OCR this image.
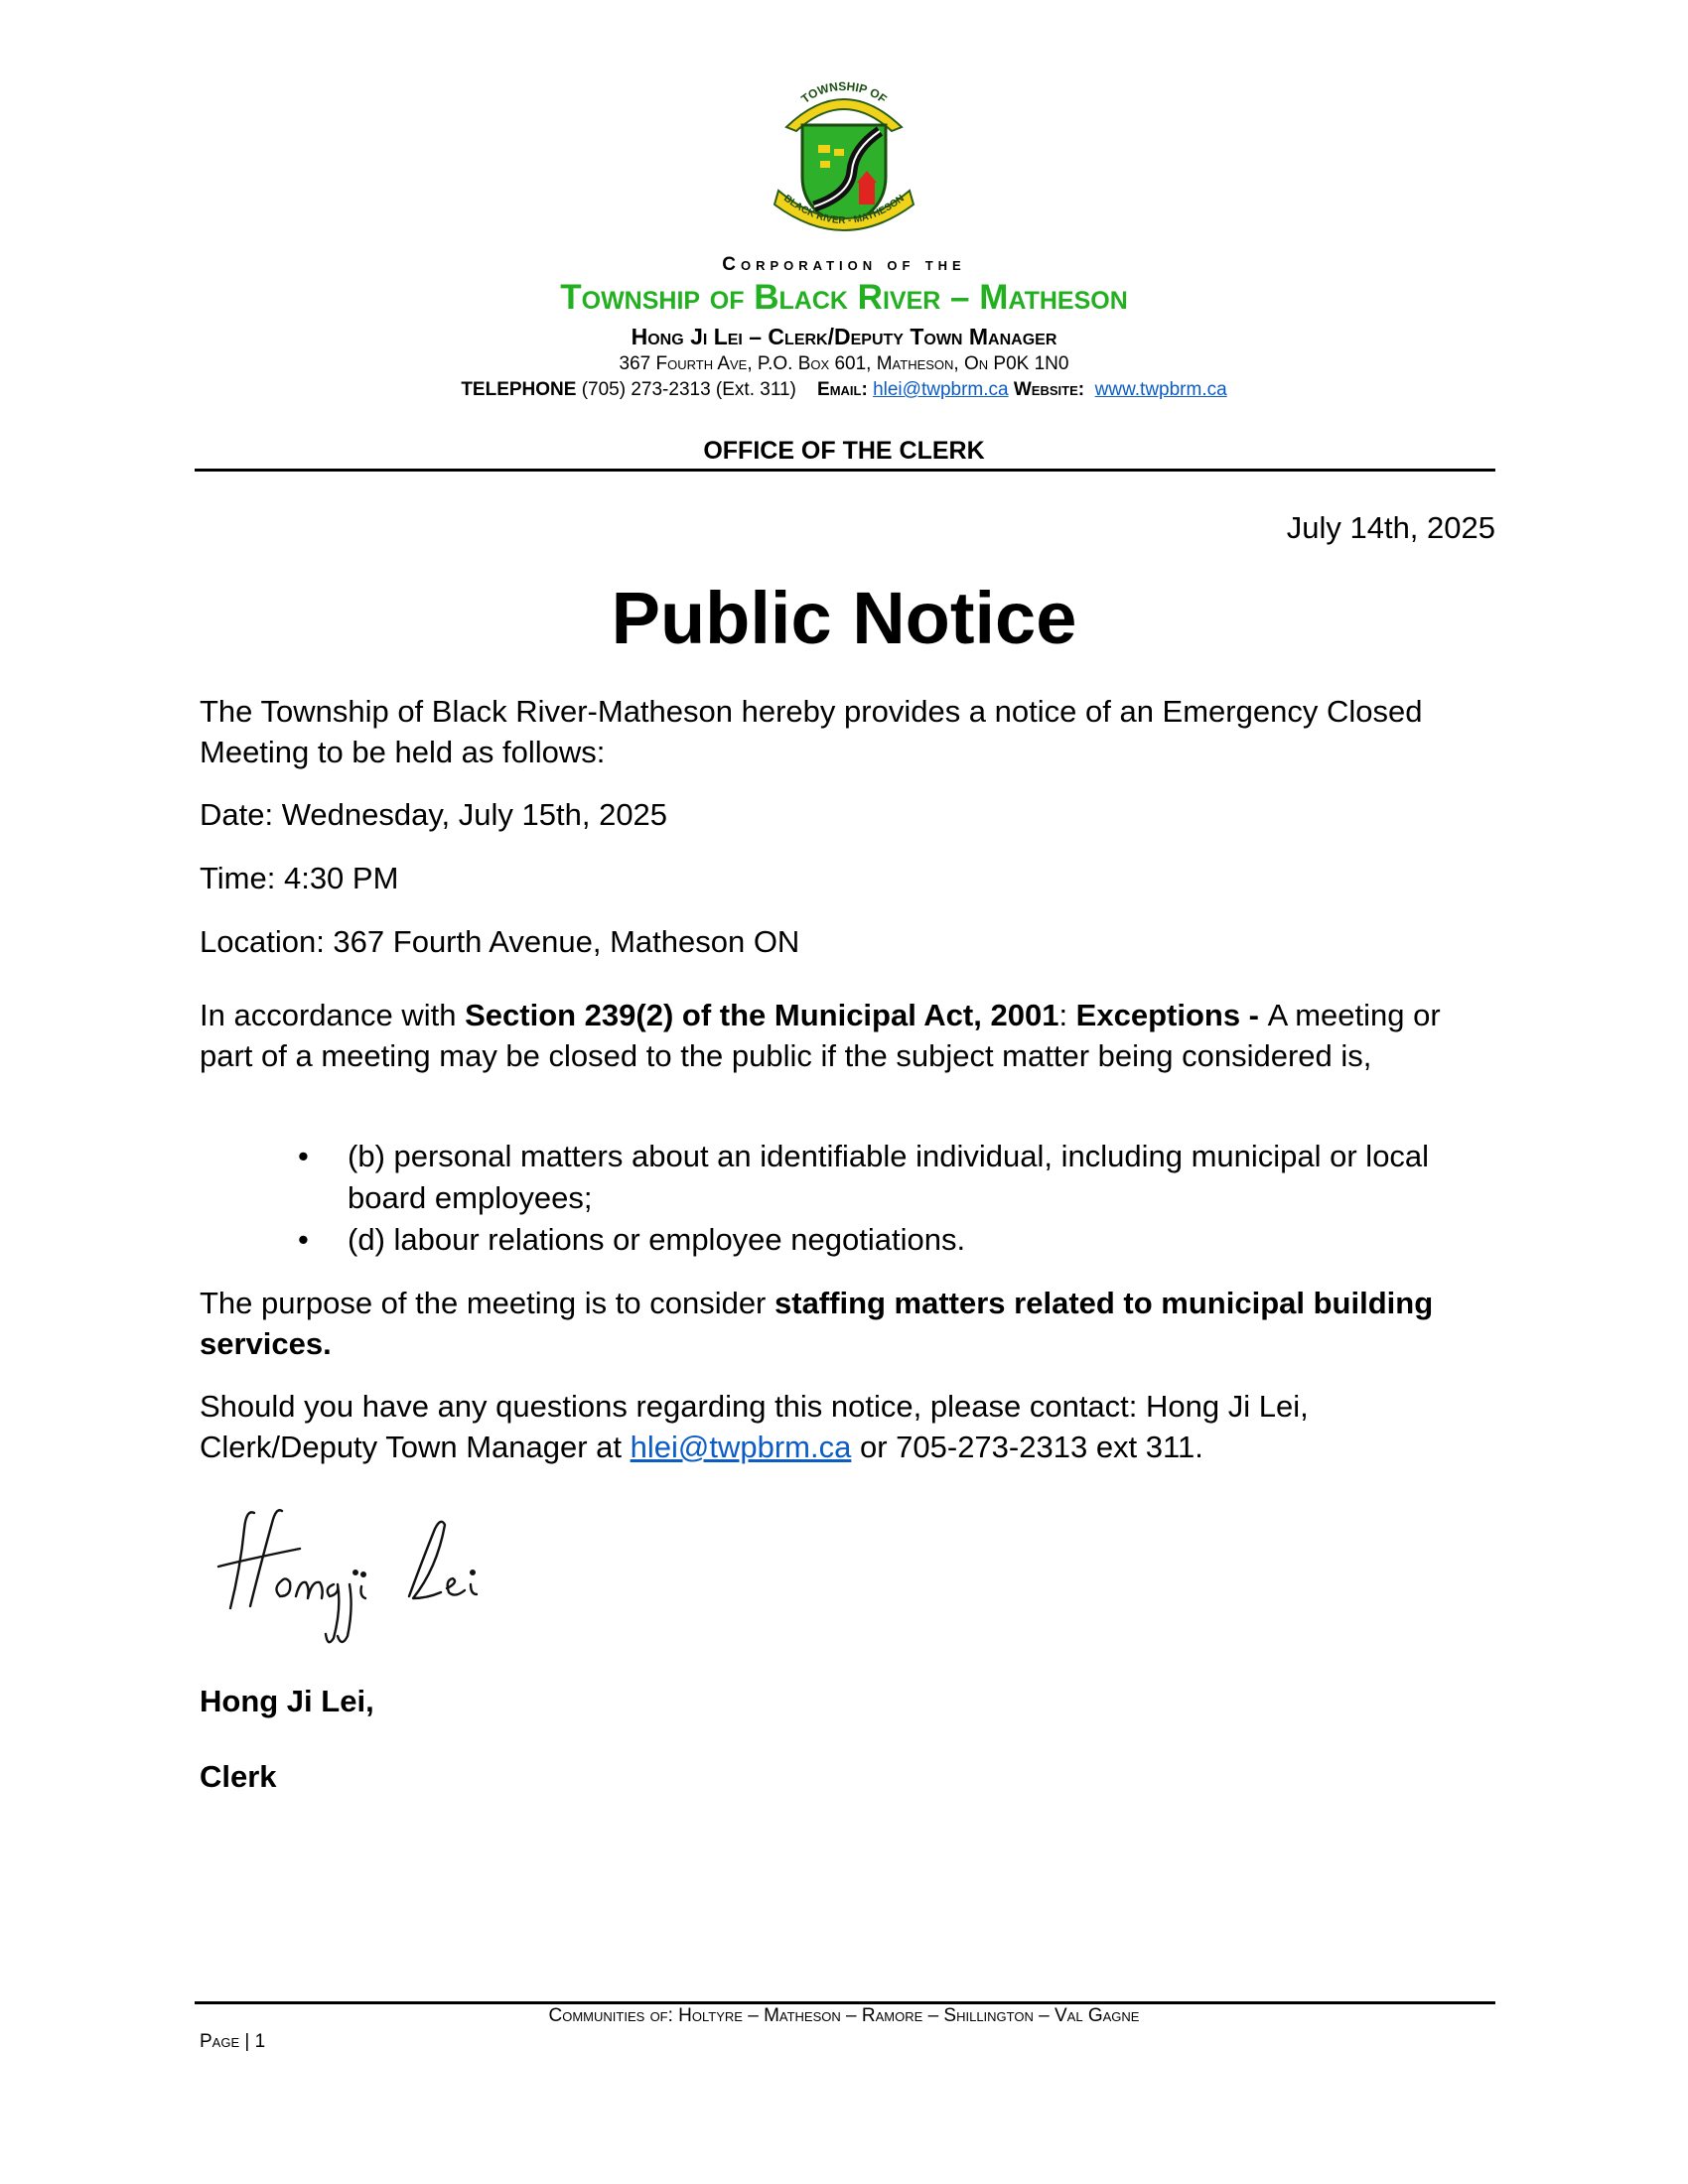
TOWNSHIP OF
BLACK RIVER - MATHESON
Corporation of the
Township of Black River – Matheson
Hong Ji Lei – Clerk/Deputy Town Manager
367 Fourth Ave, P.O. Box 601, Matheson, On P0K 1N0
TELEPHONE (705) 273-2313 (Ext. 311) Email: hlei@twpbrm.ca Website: www.twpbrm.ca
OFFICE OF THE CLERK
July 14th, 2025
Public Notice
The Township of Black River-Matheson hereby provides a notice of an Emergency Closed Meeting to be held as follows:
Date: Wednesday, July 15th, 2025
Time: 4:30 PM
Location: 367 Fourth Avenue, Matheson ON
In accordance with Section 239(2) of the Municipal Act, 2001: Exceptions - A meeting or part of a meeting may be closed to the public if the subject matter being considered is,
• (b) personal matters about an identifiable individual, including municipal or local board employees;
• (d) labour relations or employee negotiations.
The purpose of the meeting is to consider staffing matters related to municipal building services.
Should you have any questions regarding this notice, please contact: Hong Ji Lei, Clerk/Deputy Town Manager at hlei@twpbrm.ca or 705-273-2313 ext 311.
Hong Ji Lei,
Clerk
Communities of: Holtyre – Matheson – Ramore – Shillington – Val Gagne
Page | 1
